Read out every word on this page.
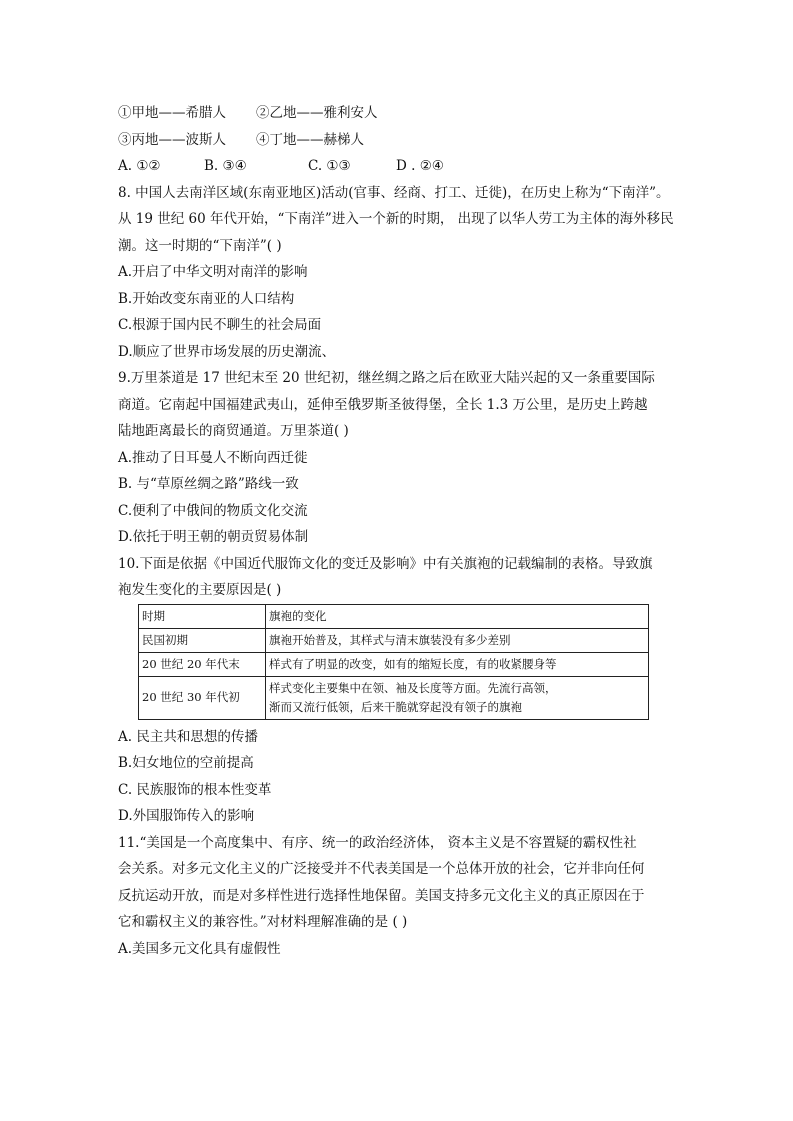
①甲地——希腊人 ②乙地——雅利安人
③丙地——波斯人 ④丁地——赫梯人
A. ①②	B. ③④	C. ①③	D . ②④
8. 中国人去南洋区域(东南亚地区)活动(官事、经商、打工、迁徙)，在历史上称为“下南洋”。
从 19 世纪 60 年代开始，“下南洋”进入一个新的时期， 出现了以华人劳工为主体的海外移民
潮。这一时期的“下南洋”( )
A.开启了中华文明对南洋的影响
B.开始改变东南亚的人口结构
C.根源于国内民不聊生的社会局面
D.顺应了世界市场发展的历史潮流、
9.万里茶道是 17 世纪末至 20 世纪初，继丝绸之路之后在欧亚大陆兴起的又一条重要国际
商道。它南起中国福建武夷山，延伸至俄罗斯圣彼得堡，全长 1.3 万公里，是历史上跨越
陆地距离最长的商贸通道。万里茶道( )
A.推动了日耳曼人不断向西迁徙
B. 与“草原丝绸之路”路线一致
C.便利了中俄间的物质文化交流
D.依托于明王朝的朝贡贸易体制
10.下面是依据《中国近代服饰文化的变迁及影响》中有关旗袍的记载编制的表格。导致旗
袍发生变化的主要原因是( )
时期	旗袍的变化
民国初期	旗袍开始普及，其样式与清末旗装没有多少差别
20 世纪 20 年代末	样式有了明显的改变，如有的缩短长度，有的收紧腰身等
20 世纪 30 年代初	样式变化主要集中在领、袖及长度等方面。先流行高领，
渐而又流行低领，后来干脆就穿起没有领子的旗袍
A. 民主共和思想的传播
B.妇女地位的空前提高
C. 民族服饰的根本性变革
D.外国服饰传入的影响
11.“美国是一个高度集中、有序、统一的政治经济体， 资本主义是不容置疑的霸权性社
会关系。对多元文化主义的广泛接受并不代表美国是一个总体开放的社会，它并非向任何
反抗运动开放，而是对多样性进行选择性地保留。美国支持多元文化主义的真正原因在于
它和霸权主义的兼容性。”对材料理解准确的是 ( )
A.美国多元文化具有虚假性
